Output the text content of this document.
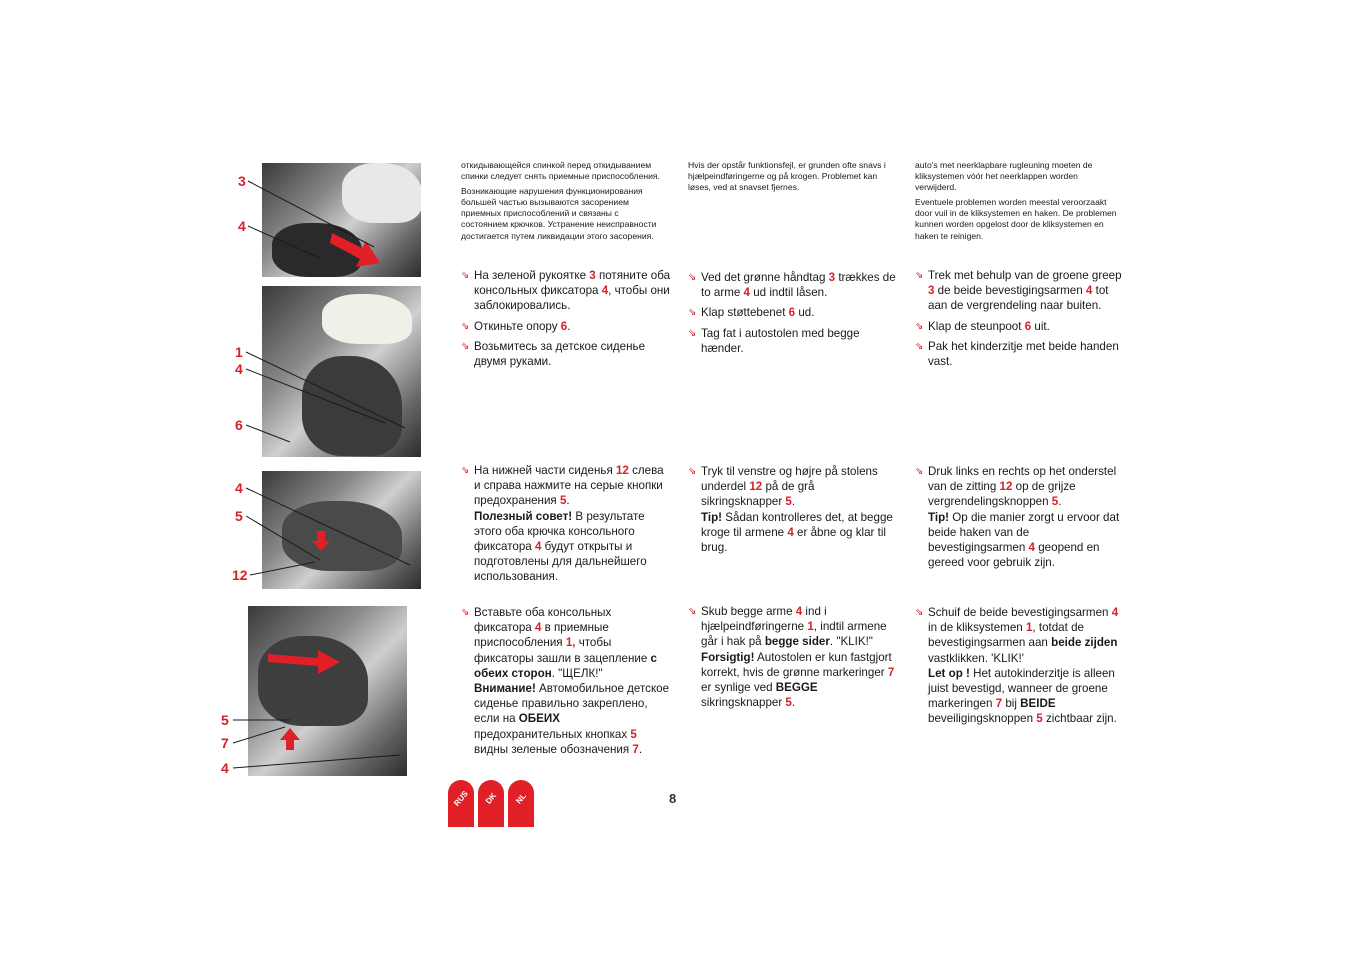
3
4
1
4
6
4
5
12
5
7
4

откидывающейся спинкой перед откидыванием спинки следует снять приемные приспособления.

Возникающие нарушения функционирования большей частью вызываются засорением приемных приспособлений и связаны с состоянием крючков. Устранение неисправности достигается путем ликвидации этого засорения.

Hvis der opstår funktionsfejl, er grunden ofte snavs i hjælpeindføringerne og på krogen. Problemet kan løses, ved at snavset fjernes.

auto's met neerklapbare rugleuning moeten de kliksystemen vóór het neerklappen worden verwijderd.

Eventuele problemen worden meestal veroorzaakt door vuil in de kliksystemen en haken. De problemen kunnen worden opgelost door de kliksystemen en haken te reinigen.

⇘ На зеленой рукоятке 3 потяните оба консольных фиксатора 4, чтобы они заблокировались.
⇘ Откиньте опору 6.
⇘ Возьмитесь за детское сиденье двумя руками.
⇘ Ved det grønne håndtag 3 trækkes de to arme 4 ud indtil låsen.
⇘ Klap støttebenet 6 ud.
⇘ Tag fat i autostolen med begge hænder.
⇘ Trek met behulp van de groene greep 3 de beide bevestigingsarmen 4 tot aan de vergrendeling naar buiten.
⇘ Klap de steunpoot 6 uit.
⇘ Pak het kinderzitje met beide handen vast.
⇘ На нижней части сиденья 12 слева и справа нажмите на серые кнопки предохранения 5.
Полезный совет! В результате этого оба крючка консольного фиксатора 4 будут открыты и подготовлены для дальнейшего использования.
⇘ Tryk til venstre og højre på stolens underdel 12 på de grå sikringsknapper 5.
Tip! Sådan kontrolleres det, at begge kroge til armene 4 er åbne og klar til brug.
⇘ Druk links en rechts op het onderstel van de zitting 12 op de grijze vergrendelingsknoppen 5.
Tip! Op die manier zorgt u ervoor dat beide haken van de bevestigingsarmen 4 geopend en gereed voor gebruik zijn.
⇘ Вставьте оба консольных фиксатора 4 в приемные приспособления 1, чтобы фиксаторы зашли в зацепление с обеих сторон. "ЩЕЛК!"
Внимание! Автомобильное детское сиденье правильно закреплено, если на ОБЕИХ предохранительных кнопках 5 видны зеленые обозначения 7.
⇘ Skub begge arme 4 ind i hjælpeindføringerne 1, indtil armene går i hak på begge sider. "KLIK!"
Forsigtig! Autostolen er kun fastgjort korrekt, hvis de grønne markeringer 7 er synlige ved BEGGE sikringsknapper 5.
⇘ Schuif de beide bevestigingsarmen 4 in de kliksystemen 1, totdat de bevestigingsarmen aan beide zijden vastklikken. 'KLIK!'
Let op ! Het autokinderzitje is alleen juist bevestigd, wanneer de groene markeringen 7 bij BEIDE beveiligingsknoppen 5 zichtbaar zijn.
RUS DK NL	8
